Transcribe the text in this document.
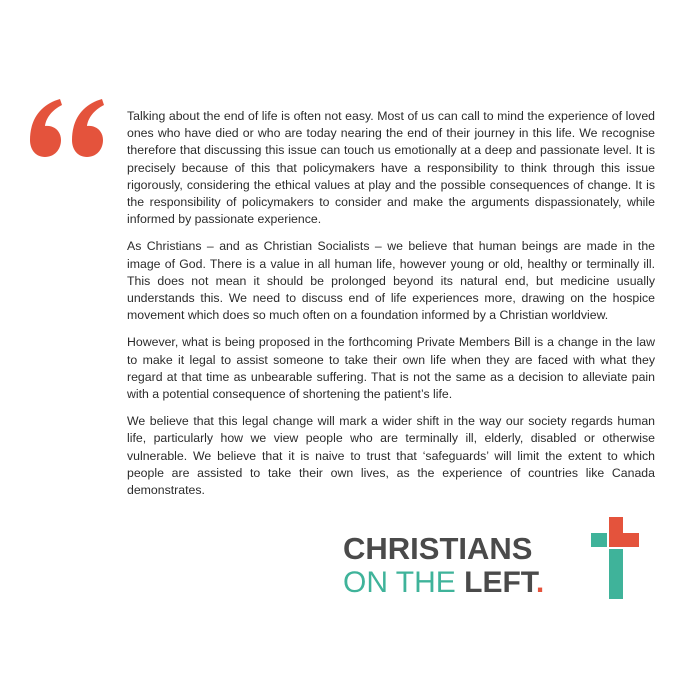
Talking about the end of life is often not easy. Most of us can call to mind the experience of loved ones who have died or who are today nearing the end of their journey in this life. We recognise therefore that discussing this issue can touch us emotionally at a deep and passionate level. It is precisely because of this that policymakers have a responsibility to think through this issue rigorously, considering the ethical values at play and the possible consequences of change. It is the responsibility of policymakers to consider and make the arguments dispassionately, while informed by passionate experience.

As Christians – and as Christian Socialists – we believe that human beings are made in the image of God. There is a value in all human life, however young or old, healthy or terminally ill. This does not mean it should be prolonged beyond its natural end, but medicine usually understands this. We need to discuss end of life experiences more, drawing on the hospice movement which does so much often on a foundation informed by a Christian worldview.

However, what is being proposed in the forthcoming Private Members Bill is a change in the law to make it legal to assist someone to take their own life when they are faced with what they regard at that time as unbearable suffering. That is not the same as a decision to alleviate pain with a potential consequence of shortening the patient’s life.

We believe that this legal change will mark a wider shift in the way our society regards human life, particularly how we view people who are terminally ill, elderly, disabled or otherwise vulnerable. We believe that it is naive to trust that ‘safeguards’ will limit the extent to which people are assisted to take their own lives, as the experience of countries like Canada demonstrates.

CHRISTIANS
ON THE LEFT.
